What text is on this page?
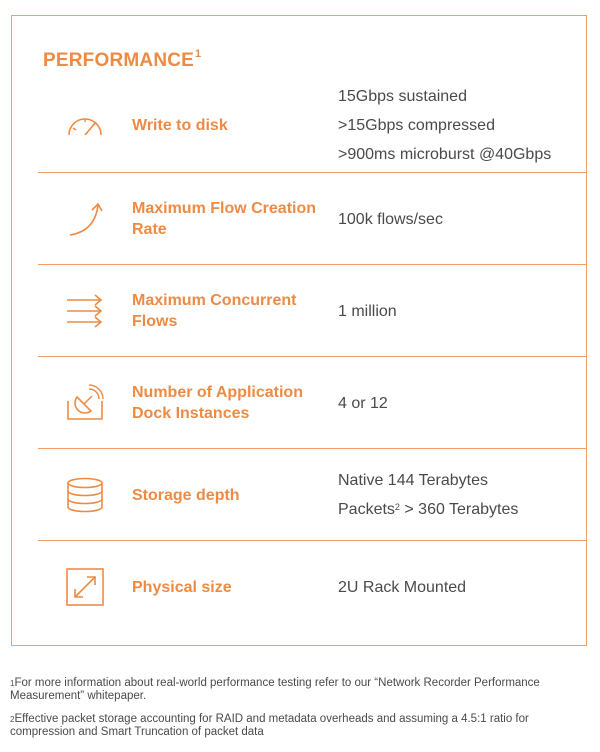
PERFORMANCE$^1$
Write to disk
15Gbps sustained
>15Gbps compressed
>900ms microburst @40Gbps
Maximum Flow Creation Rate
100k flows/sec
Maximum Concurrent Flows
1 million
Number of Application Dock Instances
4 or 12
Storage depth
Native 144 Terabytes
Packets$^2$ > 360 Terabytes
Physical size	2U Rack Mounted
$^1$For more information about real-world performance testing refer to our “Network Recorder Performance Measurement” whitepaper.
$^2$Effective packet storage accounting for RAID and metadata overheads and assuming a 4.5:1 ratio for compression and Smart Truncation of packet data
